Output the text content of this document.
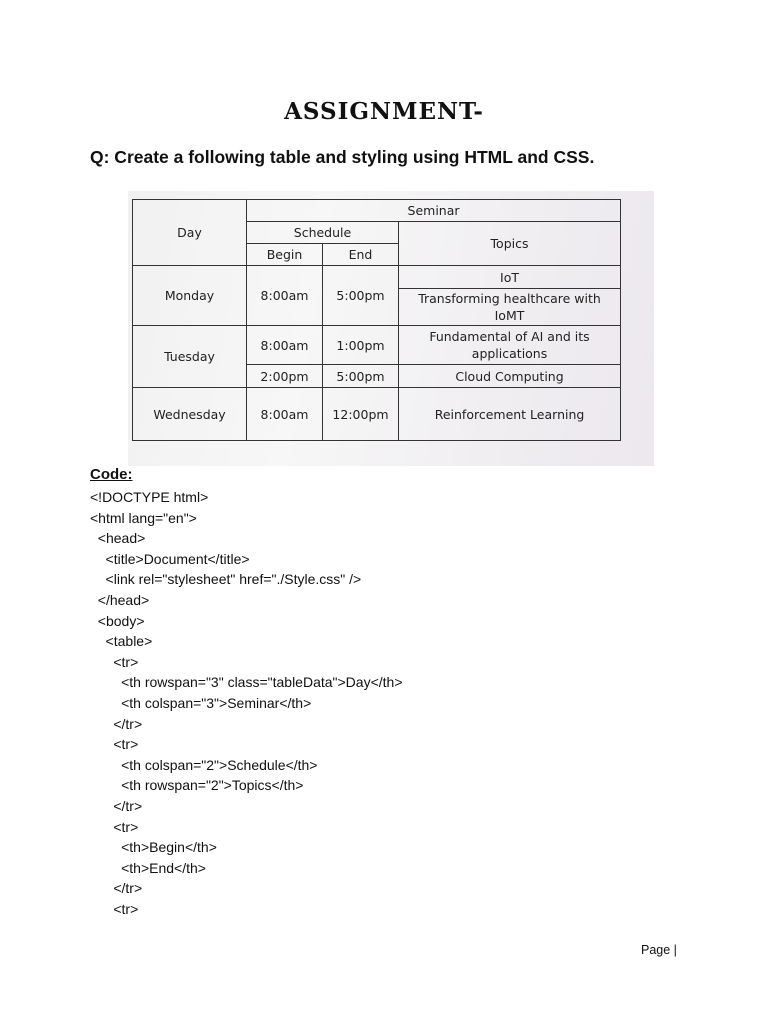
ASSIGNMENT-
Q: Create a following table and styling using HTML and CSS.
Day	Seminar		
	Schedule		Topics
	Begin	End	
Monday	8:00am	5:00pm	IoT
			Transforming healthcare with IoMT
Tuesday	8:00am	1:00pm	Fundamental of AI and its applications
	2:00pm	5:00pm	Cloud Computing
Wednesday	8:00am	12:00pm	Reinforcement Learning
Code:
<!DOCTYPE html>
<html lang="en">
<head>
<title>Document</title>
<link rel="stylesheet" href="./Style.css" />
</head>
<body>
<table>
<tr>
<th rowspan="3" class="tableData">Day</th>
<th colspan="3">Seminar</th>
</tr>
<tr>
<th colspan="2">Schedule</th>
<th rowspan="2">Topics</th>
</tr>
<tr>
<th>Begin</th>
<th>End</th>
</tr>
<tr>
Page |
